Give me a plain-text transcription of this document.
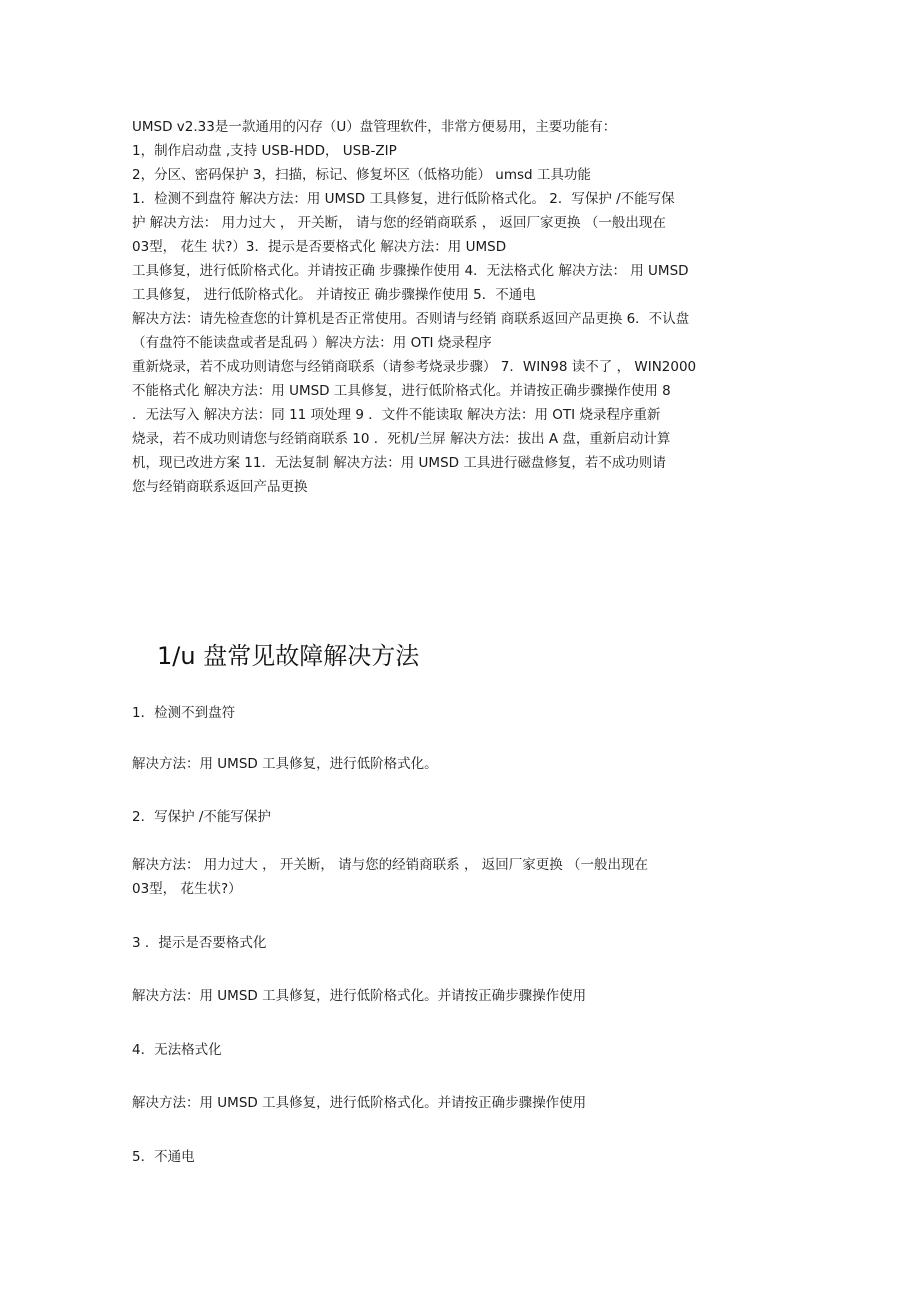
UMSD v2.33是一款通用的闪存（U）盘管理软件，非常方便易用，主要功能有：
1，制作启动盘 ,支持 USB-HDD， USB-ZIP
2，分区、密码保护 3，扫描，标记、修复坏区（低格功能） umsd 工具功能
1．检测不到盘符 解决方法：用 UMSD 工具修复，进行低阶格式化。 2．写保护 /不能写保
护 解决方法： 用力过大 ， 开关断， 请与您的经销商联系 ， 返回厂家更换 （一般出现在
03型， 花生 状?）3．提示是否要格式化 解决方法：用 UMSD
工具修复，进行低阶格式化。并请按正确 步骤操作使用 4．无法格式化 解决方法： 用 UMSD
工具修复， 进行低阶格式化。 并请按正 确步骤操作使用 5．不通电
解决方法：请先检查您的计算机是否正常使用。否则请与经销 商联系返回产品更换 6．不认盘
（有盘符不能读盘或者是乱码 ）解决方法：用 OTI 烧录程序
重新烧录，若不成功则请您与经销商联系（请参考烧录步骤） 7．WIN98 读不了 ， WIN2000
不能格式化 解决方法：用 UMSD 工具修复，进行低阶格式化。并请按正确步骤操作使用 8
．无法写入 解决方法：同 11 项处理 9 ．文件不能读取 解决方法：用 OTI 烧录程序重新
烧录，若不成功则请您与经销商联系 10 ．死机/兰屏 解决方法：拔出 A 盘，重新启动计算
机，现已改进方案 11．无法复制 解决方法：用 UMSD 工具进行磁盘修复，若不成功则请
您与经销商联系返回产品更换
1/u 盘常见故障解决方法
1．检测不到盘符
解决方法：用 UMSD 工具修复，进行低阶格式化。
2．写保护 /不能写保护
解决方法： 用力过大 ， 开关断， 请与您的经销商联系 ， 返回厂家更换 （一般出现在
03型， 花生状?）
3 ．提示是否要格式化
解决方法：用 UMSD 工具修复，进行低阶格式化。并请按正确步骤操作使用
4．无法格式化
解决方法：用 UMSD 工具修复，进行低阶格式化。并请按正确步骤操作使用
5．不通电
